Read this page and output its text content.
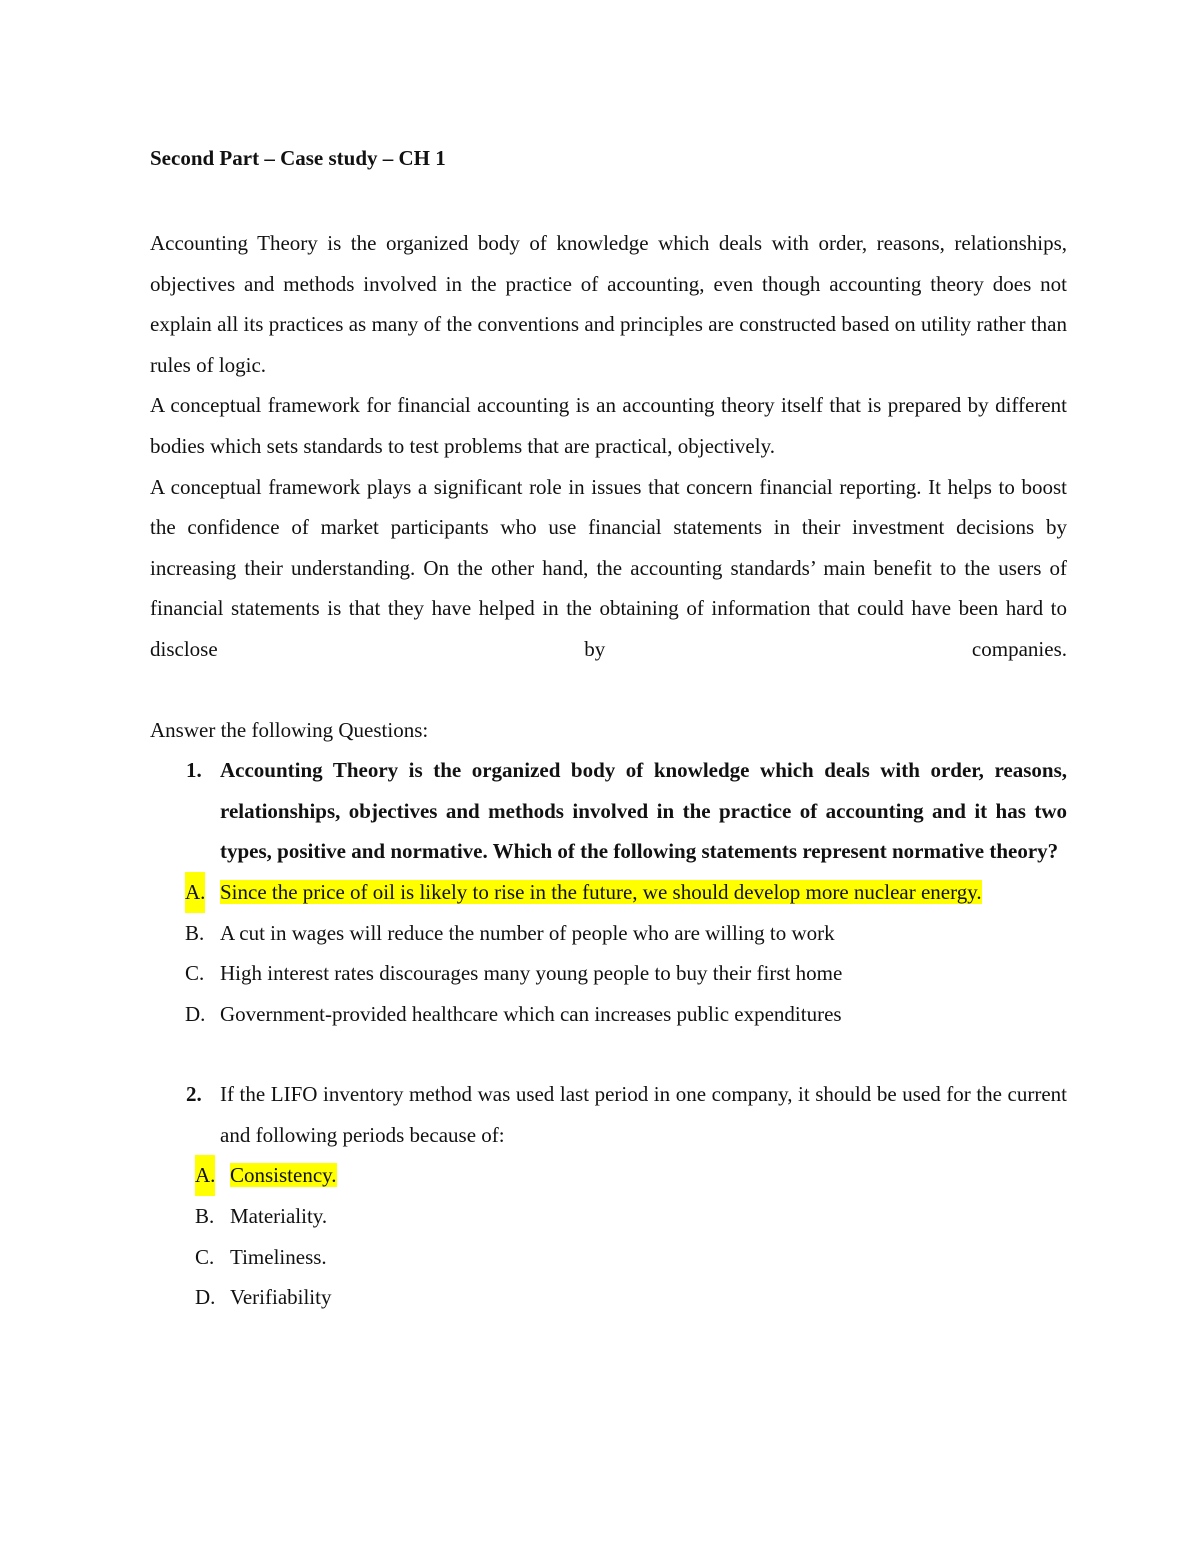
Second Part – Case study – CH 1

Accounting Theory is the organized body of knowledge which deals with order, reasons, relationships, objectives and methods involved in the practice of accounting, even though accounting theory does not explain all its practices as many of the conventions and principles are constructed based on utility rather than rules of logic.

A conceptual framework for financial accounting is an accounting theory itself that is prepared by different bodies which sets standards to test problems that are practical, objectively.

A conceptual framework plays a significant role in issues that concern financial reporting. It helps to boost the confidence of market participants who use financial statements in their investment decisions by increasing their understanding. On the other hand, the accounting standards’ main benefit to the users of financial statements is that they have helped in the obtaining of information that could have been hard to disclose by companies.

Answer the following Questions:

1. Accounting Theory is the organized body of knowledge which deals with order, reasons, relationships, objectives and methods involved in the practice of accounting and it has two types, positive and normative. Which of the following statements represent normative theory?
A. Since the price of oil is likely to rise in the future, we should develop more nuclear energy.
B. A cut in wages will reduce the number of people who are willing to work
C. High interest rates discourages many young people to buy their first home
D. Government-provided healthcare which can increases public expenditures
2. If the LIFO inventory method was used last period in one company, it should be used for the current and following periods because of:
A. Consistency.
B. Materiality.
C. Timeliness.
D. Verifiability
